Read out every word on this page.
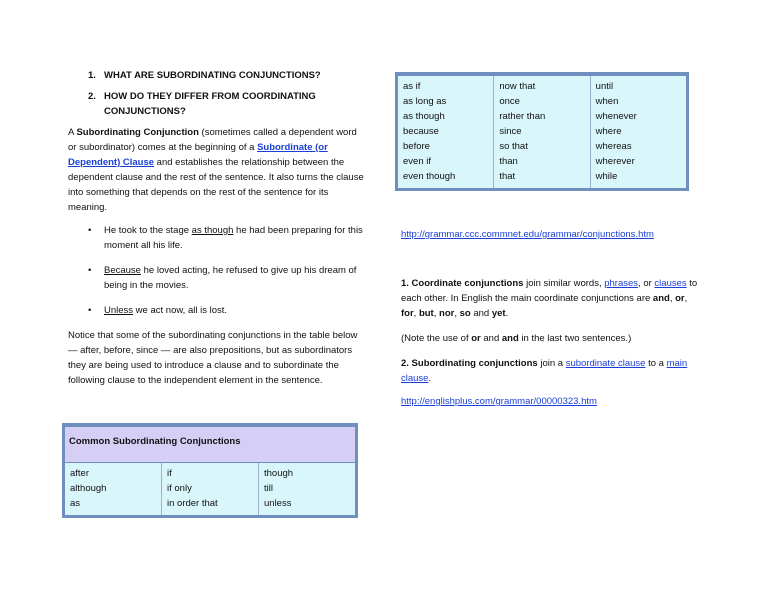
1. WHAT ARE SUBORDINATING CONJUNCTIONS?
2. HOW DO THEY DIFFER FROM COORDINATING CONJUNCTIONS?

A Subordinating Conjunction (sometimes called a dependent word or subordinator) comes at the beginning of a Subordinate (or Dependent) Clause and establishes the relationship between the dependent clause and the rest of the sentence. It also turns the clause into something that depends on the rest of the sentence for its meaning.

• He took to the stage as though he had been preparing for this moment all his life.
• Because he loved acting, he refused to give up his dream of being in the movies.
• Unless we act now, all is lost.

Notice that some of the subordinating conjunctions in the table below — after, before, since — are also prepositions, but as subordinators they are being used to introduce a clause and to subordinate the following clause to the independent element in the sentence.

Common Subordinating Conjunctions
after
although
as
if
if only
in order that
though
till
unless
as if
as long as
as though
because
before
even if
even though
now that
once
rather than
since
so that
than
that
until
when
whenever
where
whereas
wherever
while
http://grammar.ccc.commnet.edu/grammar/conjunctions.htm

1. Coordinate conjunctions join similar words, phrases, or clauses to each other. In English the main coordinate conjunctions are and, or, for, but, nor, so and yet.

(Note the use of or and and in the last two sentences.)

2. Subordinating conjunctions join a subordinate clause to a main clause.

http://englishplus.com/grammar/00000323.htm
